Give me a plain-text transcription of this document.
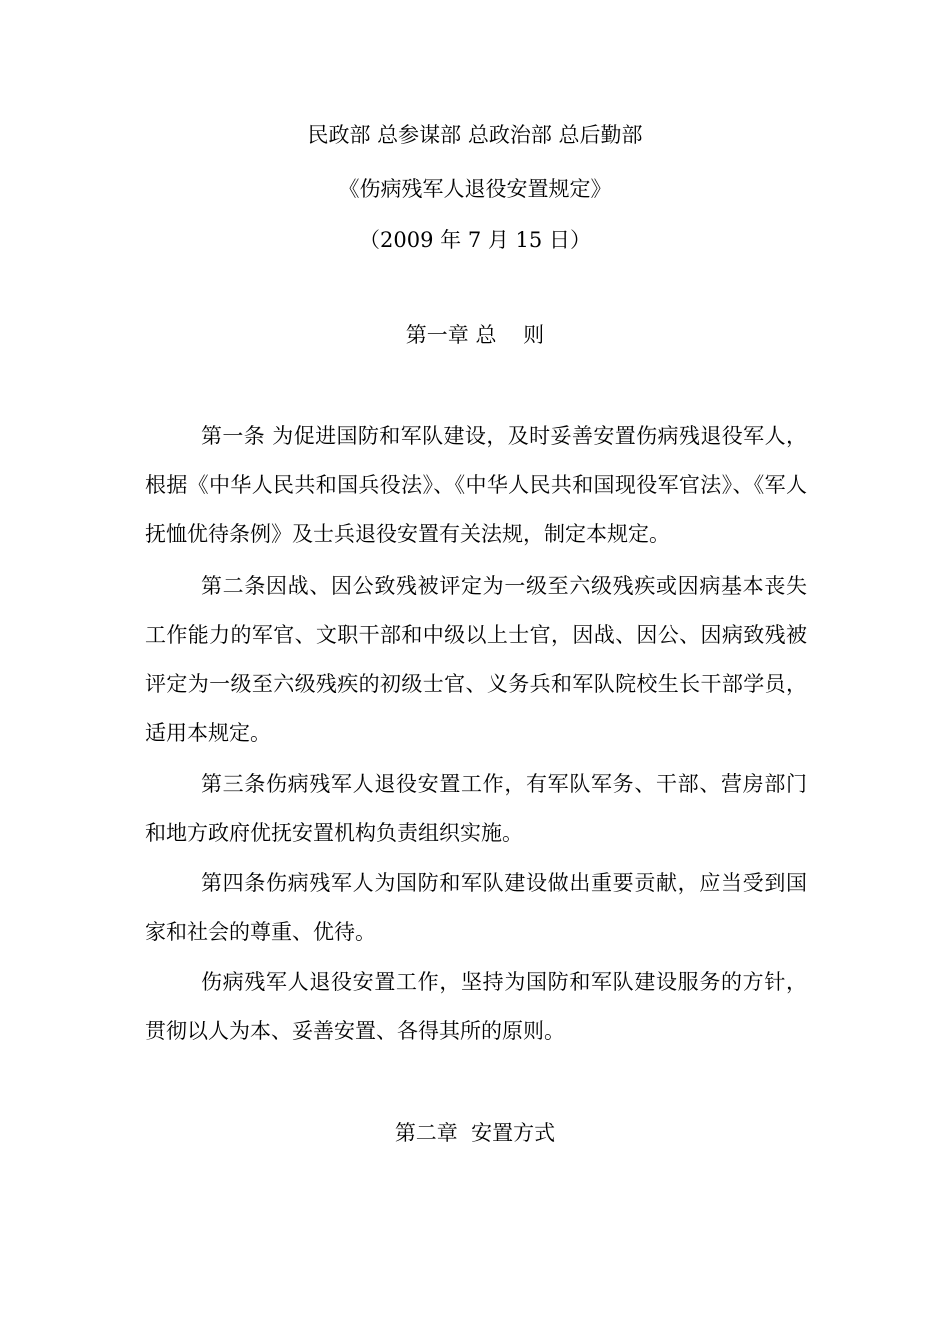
民政部 总参谋部 总政治部 总后勤部
《伤病残军人退役安置规定》
（2009 年 7 月 15 日）
第一章 总    则

第一条 为促进国防和军队建设，及时妥善安置伤病残退役军人，根据《中华人民共和国兵役法》、《中华人民共和国现役军官法》、《军人抚恤优待条例》及士兵退役安置有关法规，制定本规定。

第二条因战、因公致残被评定为一级至六级残疾或因病基本丧失工作能力的军官、文职干部和中级以上士官，因战、因公、因病致残被评定为一级至六级残疾的初级士官、义务兵和军队院校生长干部学员，适用本规定。

第三条伤病残军人退役安置工作，有军队军务、干部、营房部门和地方政府优抚安置机构负责组织实施。

第四条伤病残军人为国防和军队建设做出重要贡献，应当受到国家和社会的尊重、优待。

伤病残军人退役安置工作，坚持为国防和军队建设服务的方针，贯彻以人为本、妥善安置、各得其所的原则。

第二章  安置方式
